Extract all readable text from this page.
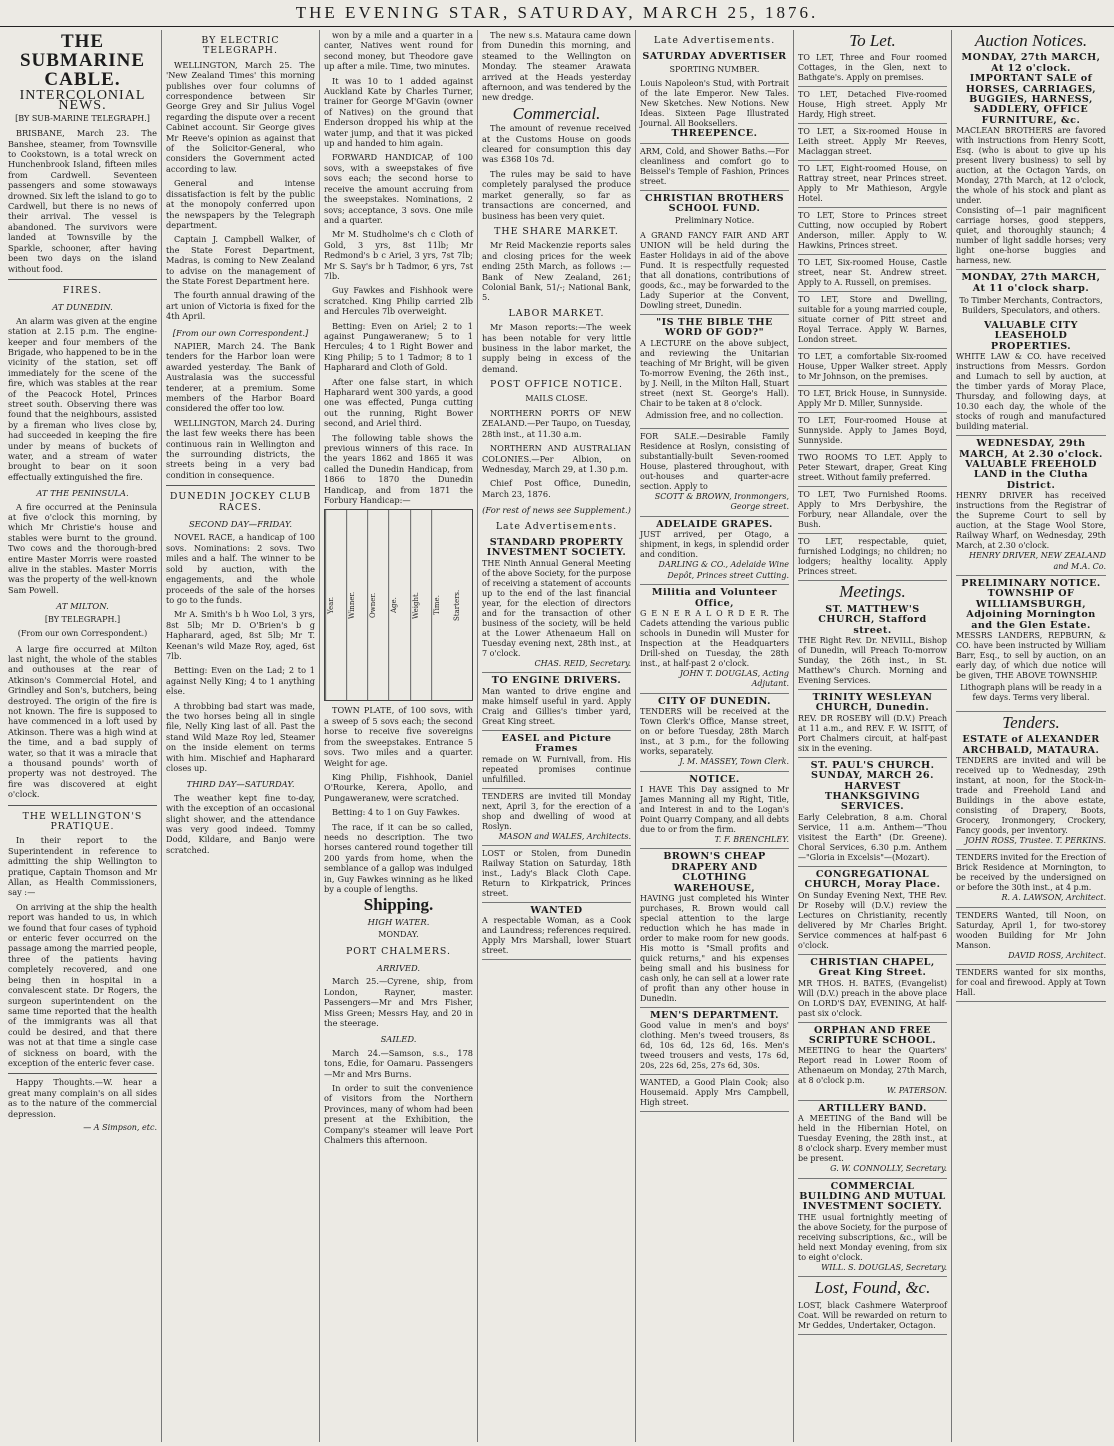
THE EVENING STAR, SATURDAY, MARCH 25, 1876.
THE SUBMARINE CABLE.
INTERCOLONIAL NEWS.
[BY SUB-MARINE TELEGRAPH.]

BRISBANE, March 23. The Banshee, steamer, from Townsville to Cookstown, is a total wreck on Hunchenbrook Island, fifteen miles from Cardwell. Seventeen passengers and some stowaways drowned. Six left the island to go to Cardwell, but there is no news of their arrival. The vessel is abandoned. The survivors were landed at Townsville by the Sparkle, schooner, after having been two days on the island without food.

FIRES.
AT DUNEDIN.

An alarm was given at the engine station at 2.15 p.m. The engine-keeper and four members of the Brigade, who happened to be in the vicinity of the station, set off immediately for the scene of the fire, which was stables at the rear of the Peacock Hotel, Princes street south. Observing there was found that the neighbours, assisted by a fireman who lives close by, had succeeded in keeping the fire under by means of buckets of water, and a stream of water brought to bear on it soon effectually extinguished the fire.

AT THE PENINSULA.

A fire occurred at the Peninsula at five o'clock this morning, by which Mr Christie's house and stables were burnt to the ground. Two cows and the thorough-bred entire Master Morris were roasted alive in the stables. Master Morris was the property of the well-known Sam Powell.

AT MILTON.
[BY TELEGRAPH.]
(From our own Correspondent.)

A large fire occurred at Milton last night, the whole of the stables and outhouses at the rear of Atkinson's Commercial Hotel, and Grindley and Son's, butchers, being destroyed. The origin of the fire is not known. The fire is supposed to have commenced in a loft used by Atkinson. There was a high wind at the time, and a bad supply of water, so that it was a miracle that a thousand pounds' worth of property was not destroyed. The fire was discovered at eight o'clock.

THE WELLINGTON'S PRATIQUE.

In their report to the Superintendent in reference to admitting the ship Wellington to pratique, Captain Thomson and Mr Allan, as Health Commissioners, say :—

On arriving at the ship the health report was handed to us, in which we found that four cases of typhoid or enteric fever occurred on the passage among the married people, three of the patients having completely recovered, and one being then in hospital in a convalescent state. Dr Rogers, the surgeon superintendent on the same time reported that the health of the immigrants was all that could be desired, and that there was not at that time a single case of sickness on board, with the exception of the enteric fever case.

Happy Thoughts.—W. hear a great many complain's on all sides as to the nature of the commercial depression.

— A Simpson, etc.
BY ELECTRIC TELEGRAPH.

WELLINGTON, March 25. The 'New Zealand Times' this morning publishes over four columns of correspondence between Sir George Grey and Sir Julius Vogel regarding the dispute over a recent Cabinet account. Sir George gives Mr Reeve's opinion as against that of the Solicitor-General, who considers the Government acted according to law.

General and intense dissatisfaction is felt by the public at the monopoly conferred upon the newspapers by the Telegraph department.

Captain J. Campbell Walker, of the State Forest Department, Madras, is coming to New Zealand to advise on the management of the State Forest Department here.

The fourth annual drawing of the art union of Victoria is fixed for the 4th April.

[From our own Correspondent.]

NAPIER, March 24. The Bank tenders for the Harbor loan were awarded yesterday. The Bank of Australasia was the successful tenderer, at a premium. Some members of the Harbor Board considered the offer too low.

WELLINGTON, March 24. During the last few weeks there has been continuous rain in Wellington and the surrounding districts, the streets being in a very bad condition in consequence.

DUNEDIN JOCKEY CLUB RACES.
SECOND DAY—FRIDAY.

NOVEL RACE, a handicap of 100 sovs. Nominations: 2 sovs. Two miles and a half. The winner to be sold by auction, with the engagements, and the whole proceeds of the sale of the horses to go to the funds.

Mr A. Smith's b h Woo Lol, 3 yrs, 8st 5lb; Mr D. O'Brien's b g Hapharard, aged, 8st 5lb; Mr T. Keenan's wild Maze Roy, aged, 6st 7lb.

Betting: Even on the Lad; 2 to 1 against Nelly King; 4 to 1 anything else.

A throbbing bad start was made, the two horses being all in single file, Nelly King last of all. Past the stand Wild Maze Roy led, Steamer on the inside element on terms with him. Mischief and Hapharard closes up.

THIRD DAY—SATURDAY.

The weather kept fine to-day, with the exception of an occasional slight shower, and the attendance was very good indeed. Tommy Dodd, Kildare, and Banjo were scratched.

won by a mile and a quarter in a canter, Natives went round for second money, but Theodore gave up after a mile. Time, two minutes.

It was 10 to 1 added against Auckland Kate by Charles Turner, trainer for George M'Gavin (owner of Natives) on the ground that Enderson dropped his whip at the water jump, and that it was picked up and handed to him again.

FORWARD HANDICAP, of 100 sovs, with a sweepstakes of five sovs each; the second horse to receive the amount accruing from the sweepstakes. Nominations, 2 sovs; acceptance, 3 sovs. One mile and a quarter.

Mr M. Studholme's ch c Cloth of Gold, 3 yrs, 8st 11lb; Mr Redmond's b c Ariel, 3 yrs, 7st 7lb; Mr S. Say's br h Tadmor, 6 yrs, 7st 7lb.

Guy Fawkes and Fishhook were scratched. King Philip carried 2lb and Hercules 7lb overweight.

Betting: Even on Ariel; 2 to 1 against Pungaweranew; 5 to 1 Hercules; 4 to 1 Right Bower and King Philip; 5 to 1 Tadmor; 8 to 1 Hapharard and Cloth of Gold.

After one false start, in which Hapharard went 300 yards, a good one was effected, Punga cutting out the running, Right Bower second, and Ariel third.

The following table shows the previous winners of this race. In the years 1862 and 1865 it was called the Dunedin Handicap, from 1866 to 1870 the Dunedin Handicap, and from 1871 the Forbury Handicap:—

Year.	Winner.	Owner.	Age.	Weight.	Time.	Starters.

TOWN PLATE, of 100 sovs, with a sweep of 5 sovs each; the second horse to receive five sovereigns from the sweepstakes. Entrance 5 sovs. Two miles and a quarter. Weight for age.

King Philip, Fishhook, Daniel O'Rourke, Kerera, Apollo, and Pungaweranew, were scratched.

Betting: 4 to 1 on Guy Fawkes.

The race, if it can be so called, needs no description. The two horses cantered round together till 200 yards from home, when the semblance of a gallop was indulged in, Guy Fawkes winning as he liked by a couple of lengths.

Shipping.
HIGH WATER.
MONDAY.
PORT CHALMERS.
ARRIVED.

March 25.—Cyrene, ship, from London, Rayner, master. Passengers—Mr and Mrs Fisher, Miss Green; Messrs Hay, and 20 in the steerage.

SAILED.

March 24.—Samson, s.s., 178 tons, Edie, for Oamaru. Passengers—Mr and Mrs Burns.

In order to suit the convenience of visitors from the Northern Provinces, many of whom had been present at the Exhibition, the Company's steamer will leave Port Chalmers this afternoon.

The new s.s. Mataura came down from Dunedin this morning, and steamed to the Wellington on Monday. The steamer Arawata arrived at the Heads yesterday afternoon, and was tendered by the new dredge.

Commercial.

The amount of revenue received at the Customs House on goods cleared for consumption this day was £368 10s 7d.

The rules may be said to have completely paralysed the produce market generally, so far as transactions are concerned, and business has been very quiet.

THE SHARE MARKET.

Mr Reid Mackenzie reports sales and closing prices for the week ending 25th March, as follows :—Bank of New Zealand, 261; Colonial Bank, 51/-; National Bank, 5.

LABOR MARKET.

Mr Mason reports:—The week has been notable for very little business in the labor market, the supply being in excess of the demand.

POST OFFICE NOTICE.
MAILS CLOSE.

NORTHERN PORTS OF NEW ZEALAND.—Per Taupo, on Tuesday, 28th inst., at 11.30 a.m.

NORTHERN AND AUSTRALIAN COLONIES.—Per Albion, on Wednesday, March 29, at 1.30 p.m.

Chief Post Office, Dunedin, March 23, 1876.

(For rest of news see Supplement.)
Late Advertisements.
STANDARD PROPERTY INVESTMENT SOCIETY.
THE Ninth Annual General Meeting of the above Society, for the purpose of receiving a statement of accounts up to the end of the last financial year, for the election of directors and for the transaction of other business of the society, will be held at the Lower Athenaeum Hall on Tuesday evening next, 28th inst., at 7 o'clock.
CHAS. REID, Secretary.
TO ENGINE DRIVERS.
Man wanted to drive engine and make himself useful in yard. Apply Craig and Gillies's timber yard, Great King street.
EASEL and Picture Frames
remade on W. Furnivall, from. His repeated promises continue unfulfilled.
TENDERS are invited till Monday next, April 3, for the erection of a shop and dwelling of wood at Roslyn.
MASON and WALES, Architects.
LOST or Stolen, from Dunedin Railway Station on Saturday, 18th inst., Lady's Black Cloth Cape. Return to Kirkpatrick, Princes street.
WANTED
A respectable Woman, as a Cook and Laundress; references required. Apply Mrs Marshall, lower Stuart street.
Late Advertisements.
SATURDAY ADVERTISER
SPORTING NUMBER.
Louis Napoleon's Stud, with Portrait of the late Emperor. New Tales. New Sketches. New Notions. New Ideas. Sixteen Page Illustrated Journal. All Booksellers.
THREEPENCE.
ARM, Cold, and Shower Baths.—For cleanliness and comfort go to Beissel's Temple of Fashion, Princes street.
CHRISTIAN BROTHERS SCHOOL FUND.
Preliminary Notice.
A GRAND FANCY FAIR AND ART UNION will be held during the Easter Holidays in aid of the above Fund. It is respectfully requested that all donations, contributions of goods, &c., may be forwarded to the Lady Superior at the Convent, Dowling street, Dunedin.
"IS THE BIBLE THE WORD OF GOD?"
A LECTURE on the above subject, and reviewing the Unitarian teaching of Mr Bright, will be given To-morrow Evening, the 26th inst., by J. Neill, in the Milton Hall, Stuart street (next St. George's Hall). Chair to be taken at 8 o'clock.
Admission free, and no collection.
FOR SALE.—Desirable Family Residence at Roslyn, consisting of substantially-built Seven-roomed House, plastered throughout, with out-houses and quarter-acre section. Apply to
SCOTT & BROWN, Ironmongers, George street.
ADELAIDE GRAPES.
JUST arrived, per Otago, a shipment, in kegs, in splendid order and condition.
DARLING & CO., Adelaide Wine Depôt, Princes street Cutting.
Militia and Volunteer Office,
G E N E R A L O R D E R. The Cadets attending the various public schools in Dunedin will Muster for Inspection at the Headquarters Drill-shed on Tuesday, the 28th inst., at half-past 2 o'clock.
JOHN T. DOUGLAS, Acting Adjutant.
CITY OF DUNEDIN.
TENDERS will be received at the Town Clerk's Office, Manse street, on or before Tuesday, 28th March inst., at 3 p.m., for the following works, separately.
J. M. MASSEY, Town Clerk.
NOTICE.
I HAVE This Day assigned to Mr James Manning all my Right, Title, and Interest in and to the Logan's Point Quarry Company, and all debts due to or from the firm.
T. F. BRENCHLEY.
BROWN'S CHEAP DRAPERY AND CLOTHING WAREHOUSE,
HAVING just completed his Winter purchases, R. Brown would call special attention to the large reduction which he has made in order to make room for new goods. His motto is "Small profits and quick returns," and his expenses being small and his business for cash only, he can sell at a lower rate of profit than any other house in Dunedin.
MEN'S DEPARTMENT.
Good value in men's and boys' clothing. Men's tweed trousers, 8s 6d, 10s 6d, 12s 6d, 16s. Men's tweed trousers and vests, 17s 6d, 20s, 22s 6d, 25s, 27s 6d, 30s.
WANTED, a Good Plain Cook; also Housemaid. Apply Mrs Campbell, High street.
To Let.
TO LET, Three and Four roomed Cottages, in the Glen, next to Bathgate's. Apply on premises.
TO LET, Detached Five-roomed House, High street. Apply Mr Hardy, High street.
TO LET, a Six-roomed House in Leith street. Apply Mr Reeves, Maclaggan street.
TO LET, Eight-roomed House, on Rattray street, near Princes street. Apply to Mr Mathieson, Argyle Hotel.
TO LET, Store to Princes street Cutting, now occupied by Robert Anderson, miller. Apply to W. Hawkins, Princes street.
TO LET, Six-roomed House, Castle street, near St. Andrew street. Apply to A. Russell, on premises.
TO LET, Store and Dwelling, suitable for a young married couple, situate corner of Pitt street and Royal Terrace. Apply W. Barnes, London street.
TO LET, a comfortable Six-roomed House, Upper Walker street. Apply to Mr Johnson, on the premises.
TO LET, Brick House, in Sunnyside. Apply Mr D. Miller, Sunnyside.
TO LET, Four-roomed House at Sunnyside. Apply to James Boyd, Sunnyside.
TWO ROOMS TO LET. Apply to Peter Stewart, draper, Great King street. Without family preferred.
TO LET, Two Furnished Rooms. Apply to Mrs Derbyshire, the Forbury, near Allandale, over the Bush.
TO LET, respectable, quiet, furnished Lodgings; no children; no lodgers; healthy locality. Apply Princes street.
Meetings.
ST. MATTHEW'S CHURCH, Stafford street.
THE Right Rev. Dr. NEVILL, Bishop of Dunedin, will Preach To-morrow Sunday, the 26th inst., in St. Matthew's Church. Morning and Evening Services.
TRINITY WESLEYAN CHURCH, Dunedin.
REV. DR ROSEBY will (D.V.) Preach at 11 a.m., and REV. F. W. ISITT, of Port Chalmers circuit, at half-past six in the evening.
ST. PAUL'S CHURCH. SUNDAY, MARCH 26. HARVEST THANKSGIVING SERVICES.
Early Celebration, 8 a.m. Choral Service, 11 a.m. Anthem—"Thou visitest the Earth" (Dr. Greene). Choral Services, 6.30 p.m. Anthem—"Gloria in Excelsis"—(Mozart).
CONGREGATIONAL CHURCH, Moray Place.
On Sunday Evening Next, THE Rev. Dr Roseby will (D.V.) review the Lectures on Christianity, recently delivered by Mr Charles Bright. Service commences at half-past 6 o'clock.
CHRISTIAN CHAPEL, Great King Street.
MR THOS. H. BATES, (Evangelist) Will (D.V.) preach in the above place On LORD'S DAY, EVENING, At half-past six o'clock.
ORPHAN AND FREE SCRIPTURE SCHOOL.
MEETING to hear the Quarters' Report read in Lower Room of Athenaeum on Monday, 27th March, at 8 o'clock p.m.
W. PATERSON.
ARTILLERY BAND.
A MEETING of the Band will be held in the Hibernian Hotel, on Tuesday Evening, the 28th inst., at 8 o'clock sharp. Every member must be present.
G. W. CONNOLLY, Secretary.
COMMERCIAL BUILDING AND MUTUAL INVESTMENT SOCIETY.
THE usual fortnightly meeting of the above Society, for the purpose of receiving subscriptions, &c., will be held next Monday evening, from six to eight o'clock.
WILL. S. DOUGLAS, Secretary.
Lost, Found, &c.
LOST, black Cashmere Waterproof Coat. Will be rewarded on return to Mr Geddes, Undertaker, Octagon.
Auction Notices.
MONDAY, 27th MARCH, At 12 o'clock.
IMPORTANT SALE of HORSES, CARRIAGES, BUGGIES, HARNESS, SADDLERY, OFFICE FURNITURE, &c.
MACLEAN BROTHERS are favored with instructions from Henry Scott, Esq. (who is about to give up his present livery business) to sell by auction, at the Octagon Yards, on Monday, 27th March, at 12 o'clock, the whole of his stock and plant as under.
Consisting of—1 pair magnificent carriage horses, good steppers, quiet, and thoroughly staunch; 4 number of light saddle horses; very light one-horse buggies and harness, new.
MONDAY, 27th MARCH, At 11 o'clock sharp.
To Timber Merchants, Contractors, Builders, Speculators, and others.
VALUABLE CITY LEASEHOLD PROPERTIES.
WHITE LAW & CO. have received instructions from Messrs. Gordon and Lumach to sell by auction, at the timber yards of Moray Place, Thursday, and following days, at 10.30 each day, the whole of the stocks of rough and manufactured building material.
WEDNESDAY, 29th MARCH, At 2.30 o'clock.
VALUABLE FREEHOLD LAND in the Clutha District.
HENRY DRIVER has received instructions from the Registrar of the Supreme Court to sell by auction, at the Stage Wool Store, Railway Wharf, on Wednesday, 29th March, at 2.30 o'clock.
HENRY DRIVER, NEW ZEALAND and M.A. Co.
PRELIMINARY NOTICE.
TOWNSHIP OF WILLIAMSBURGH, Adjoining Mornington and the Glen Estate.
MESSRS LANDERS, REPBURN, & CO. have been instructed by William Barr, Esq., to sell by auction, on an early day, of which due notice will be given, THE ABOVE TOWNSHIP.
Lithograph plans will be ready in a few days. Terms very liberal.
Tenders.
ESTATE of ALEXANDER ARCHBALD, MATAURA.
TENDERS are invited and will be received up to Wednesday, 29th instant, at noon, for the Stock-in-trade and Freehold Land and Buildings in the above estate, consisting of Drapery, Boots, Grocery, Ironmongery, Crockery, Fancy goods, per inventory.
JOHN ROSS, Trustee. T. PERKINS.
TENDERS invited for the Erection of Brick Residence at Mornington, to be received by the undersigned on or before the 30th inst., at 4 p.m.
R. A. LAWSON, Architect.
TENDERS Wanted, till Noon, on Saturday, April 1, for two-storey wooden Building for Mr John Manson.
DAVID ROSS, Architect.
TENDERS wanted for six months, for coal and firewood. Apply at Town Hall.
